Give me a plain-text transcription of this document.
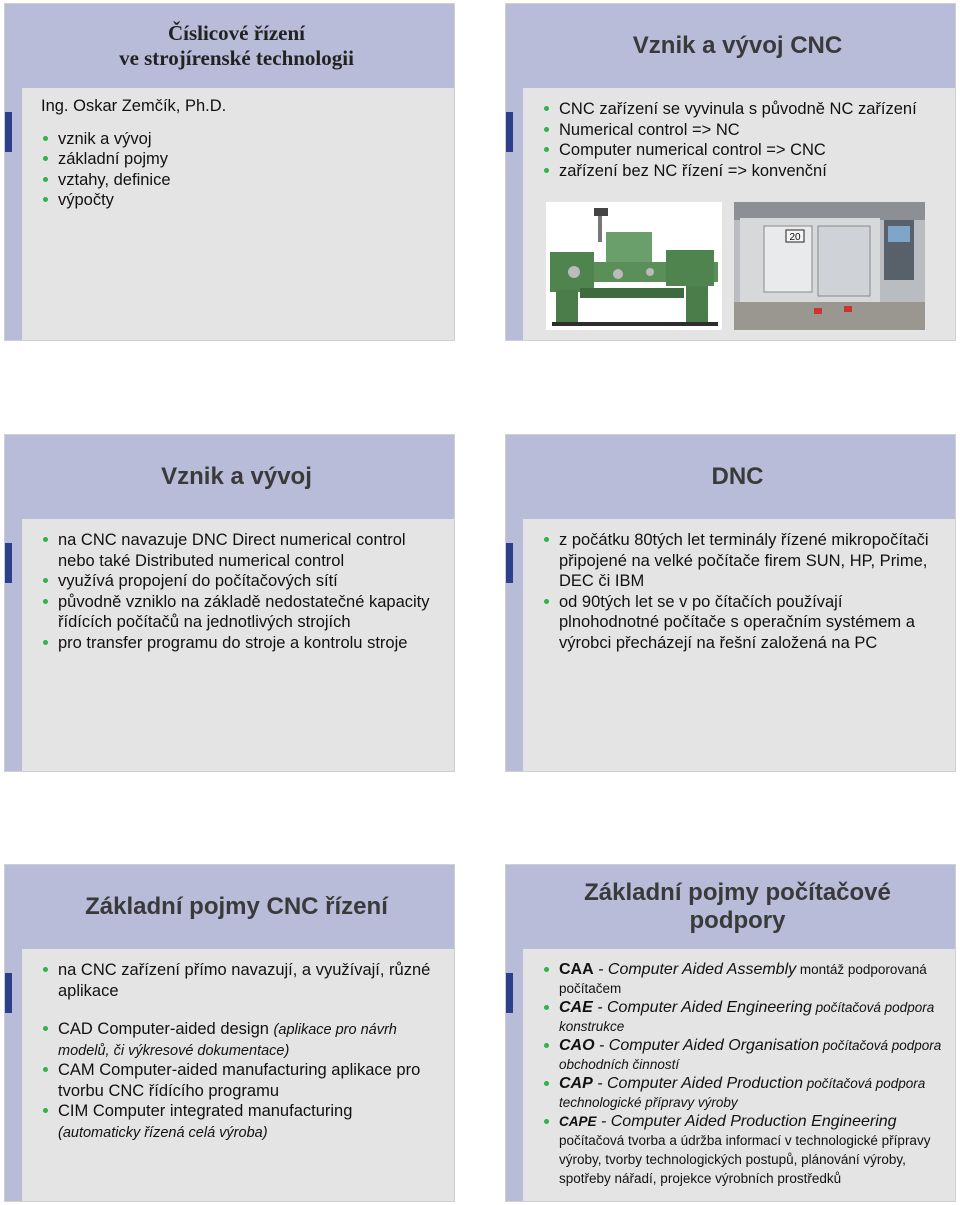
Číslicové řízení
ve strojírenské technologii

Ing. Oskar Zemčík, Ph.D.

vznik a vývoj
základní pojmy
vztahy, definice
výpočty
Vznik a vývoj CNC
CNC zařízení se vyvinula s původně NC zařízení
Numerical control => NC
Computer numerical control => CNC
zařízení bez NC řízení => konvenční
20
Vznik a vývoj
na CNC navazuje DNC Direct numerical control nebo také Distributed numerical control
využívá propojení do počítačových sítí
původně vzniklo na základě nedostatečné kapacity řídících počítačů na jednotlivých strojích
pro transfer programu do stroje a kontrolu stroje
DNC
z počátku 80tých let terminály řízené mikropočítači připojené na velké počítače firem SUN, HP, Prime, DEC či IBM
od 90tých let se v po čítačích používají plnohodnotné počítače s operačním systémem a výrobci přecházejí na řešní založená na PC
Základní pojmy CNC řízení
na CNC zařízení přímo navazují, a využívají, různé aplikace
CAD Computer-aided design (aplikace pro návrh modelů, či výkresové dokumentace)
CAM Computer-aided manufacturing aplikace pro tvorbu CNC řídícího programu
CIM Computer integrated manufacturing
(automaticky řízená celá výroba)
Základní pojmy počítačové podpory
CAA - Computer Aided Assembly montáž podporovaná počítačem
CAE - Computer Aided Engineering počítačová podpora konstrukce
CAO - Computer Aided Organisation počítačová podpora obchodních činností
CAP - Computer Aided Production počítačová podpora technologické přípravy výroby
CAPE - Computer Aided Production Engineering počítačová tvorba a údržba informací v technologické přípravy výroby, tvorby technologických postupů, plánování výroby, spotřeby nářadí, projekce výrobních prostředků
